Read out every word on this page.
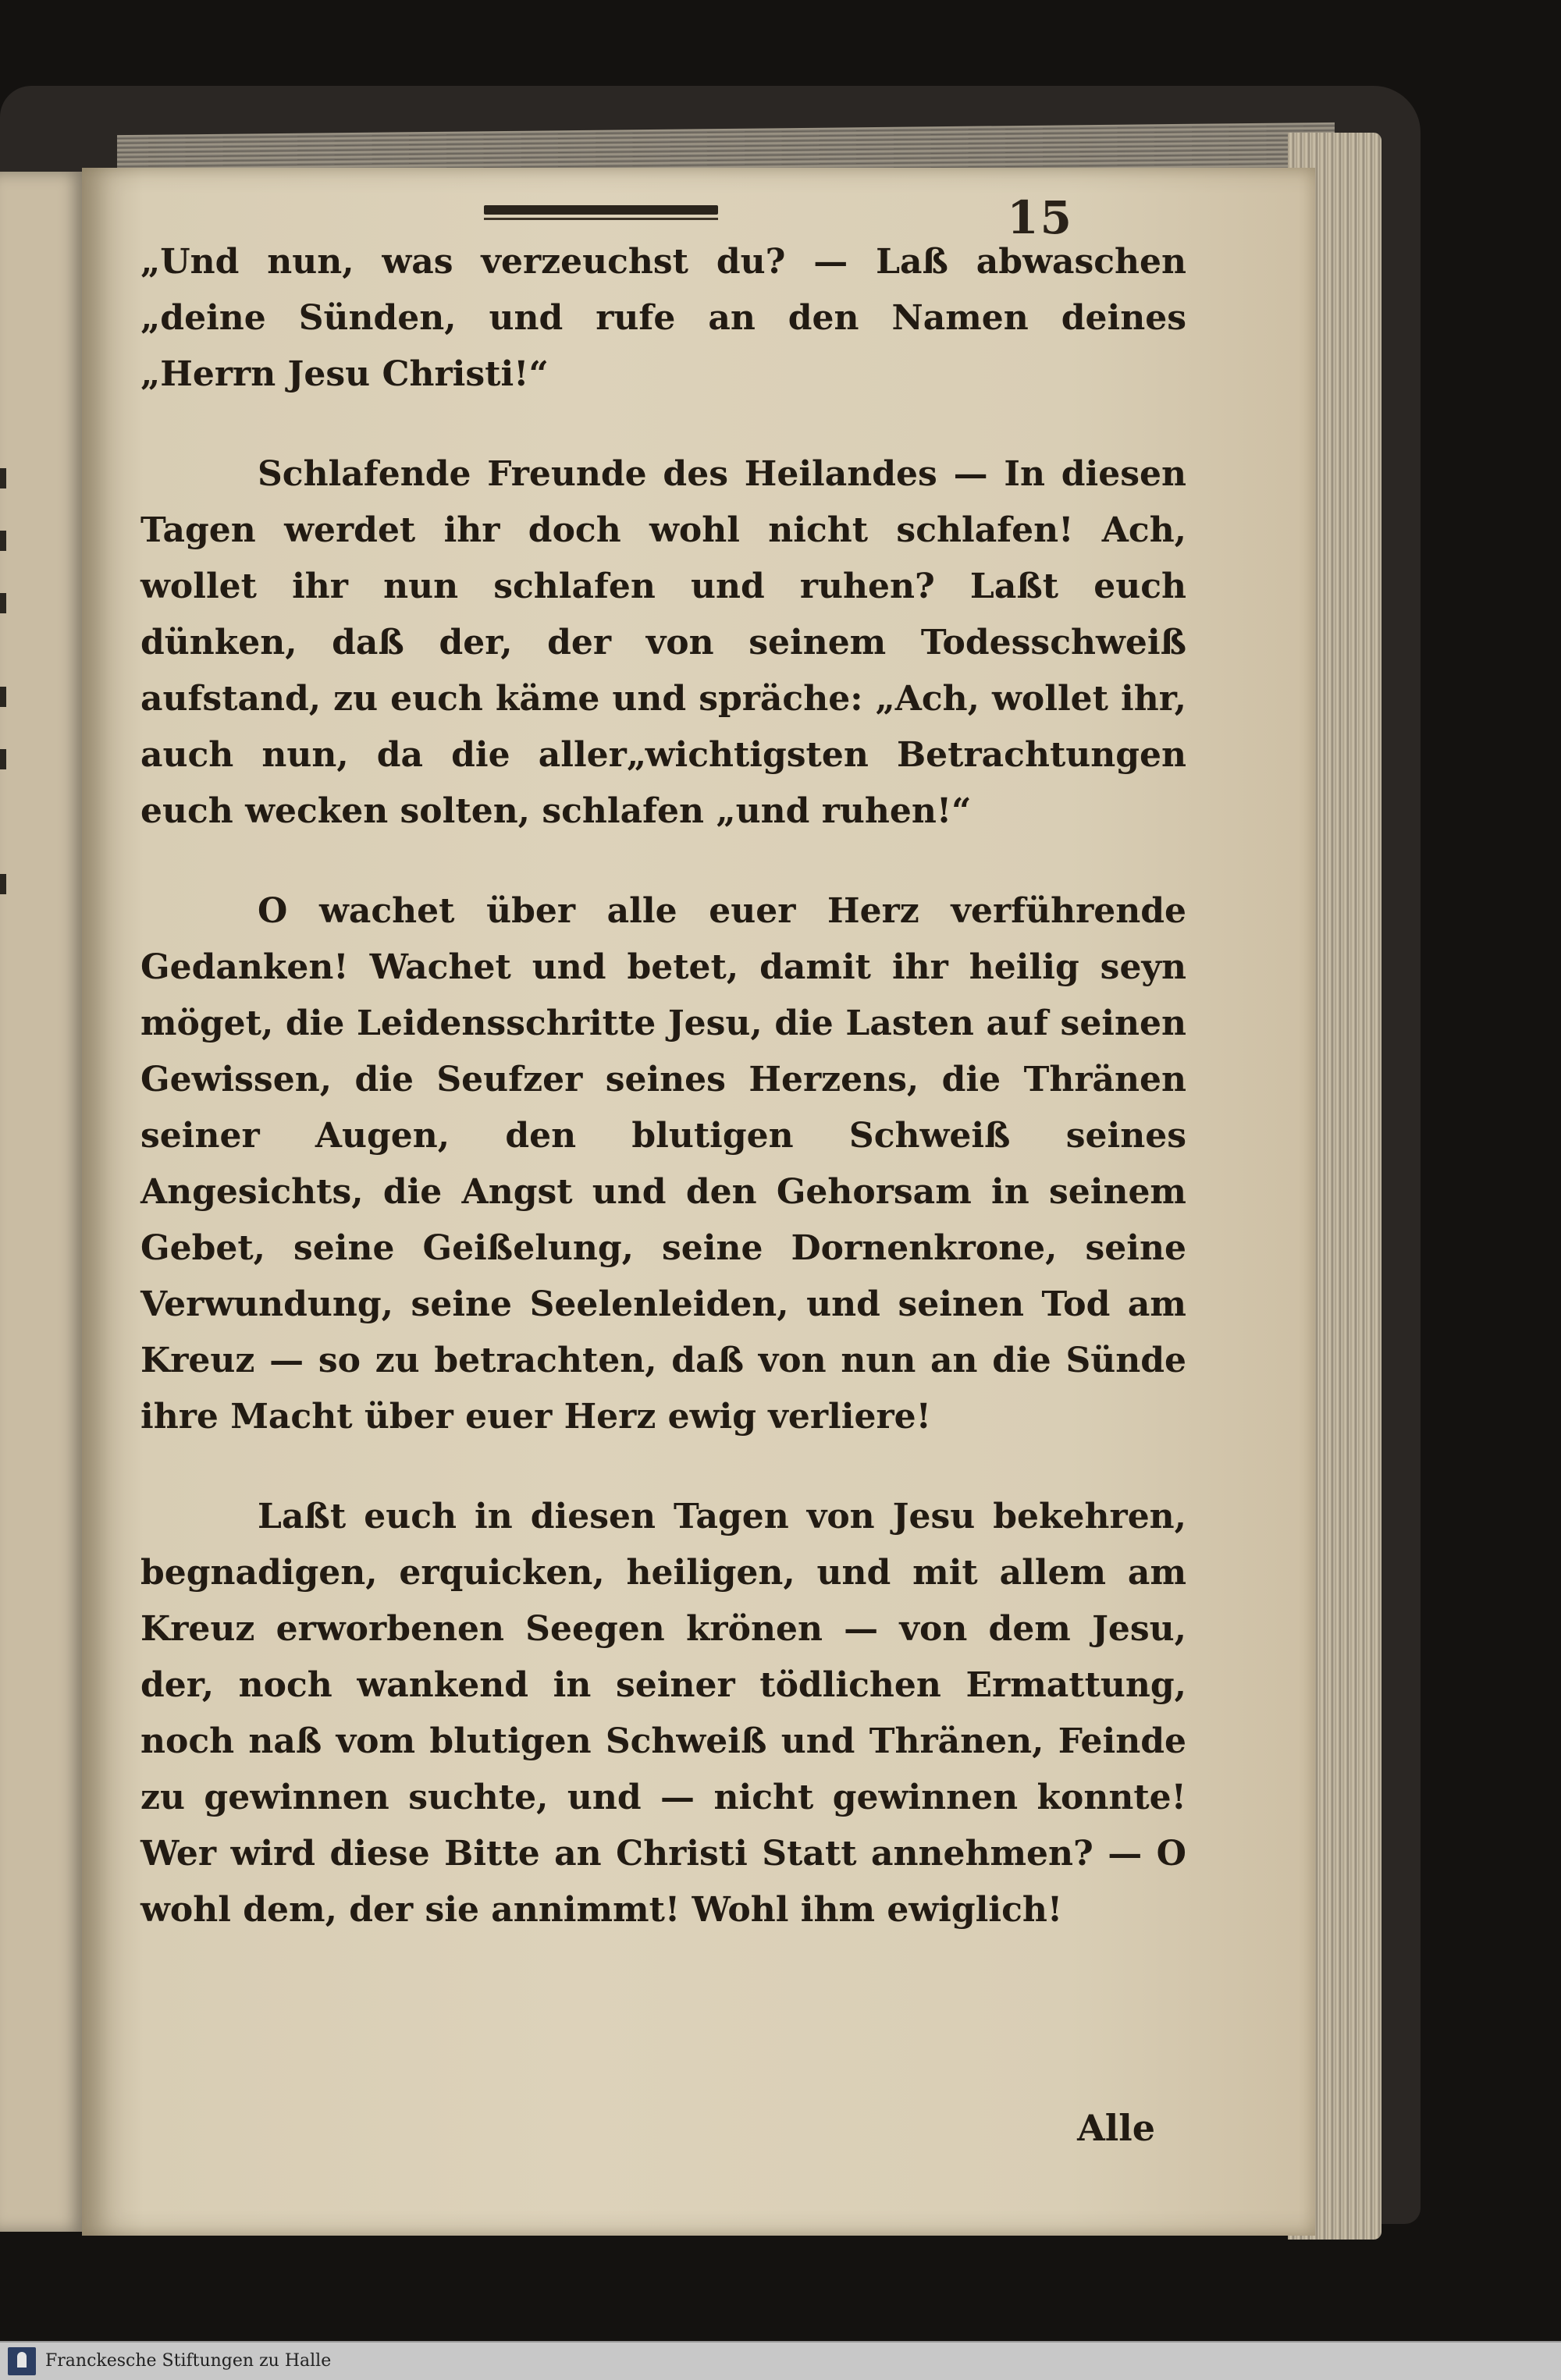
15

„Und nun, was verzeuchst du? — Laß abwaschen „deine Sünden, und rufe an den Namen deines „Herrn Jesu Christi!“

Schlafende Freunde des Heilandes — In diesen Tagen werdet ihr doch wohl nicht schlafen! Ach, wollet ihr nun schlafen und ruhen? Laßt euch dünken, daß der, der von seinem Todesschweiß aufstand, zu euch käme und spräche: „Ach, wollet ihr, auch nun, da die aller„wichtigsten Betrachtungen euch wecken solten, schlafen „und ruhen!“

O wachet über alle euer Herz verführende Gedanken! Wachet und betet, damit ihr heilig seyn möget, die Leidensschritte Jesu, die Lasten auf seinen Gewissen, die Seufzer seines Herzens, die Thränen seiner Augen, den blutigen Schweiß seines Angesichts, die Angst und den Gehorsam in seinem Gebet, seine Geißelung, seine Dornenkrone, seine Verwundung, seine Seelenleiden, und seinen Tod am Kreuz — so zu betrachten, daß von nun an die Sünde ihre Macht über euer Herz ewig verliere!

Laßt euch in diesen Tagen von Jesu bekehren, begnadigen, erquicken, heiligen, und mit allem am Kreuz erworbenen Seegen krönen — von dem Jesu, der, noch wankend in seiner tödlichen Ermattung, noch naß vom blutigen Schweiß und Thränen, Feinde zu gewinnen suchte, und — nicht gewinnen konnte! Wer wird diese Bitte an Christi Statt annehmen? — O wohl dem, der sie annimmt! Wohl ihm ewiglich!

Alle
Franckesche Stiftungen zu Halle
